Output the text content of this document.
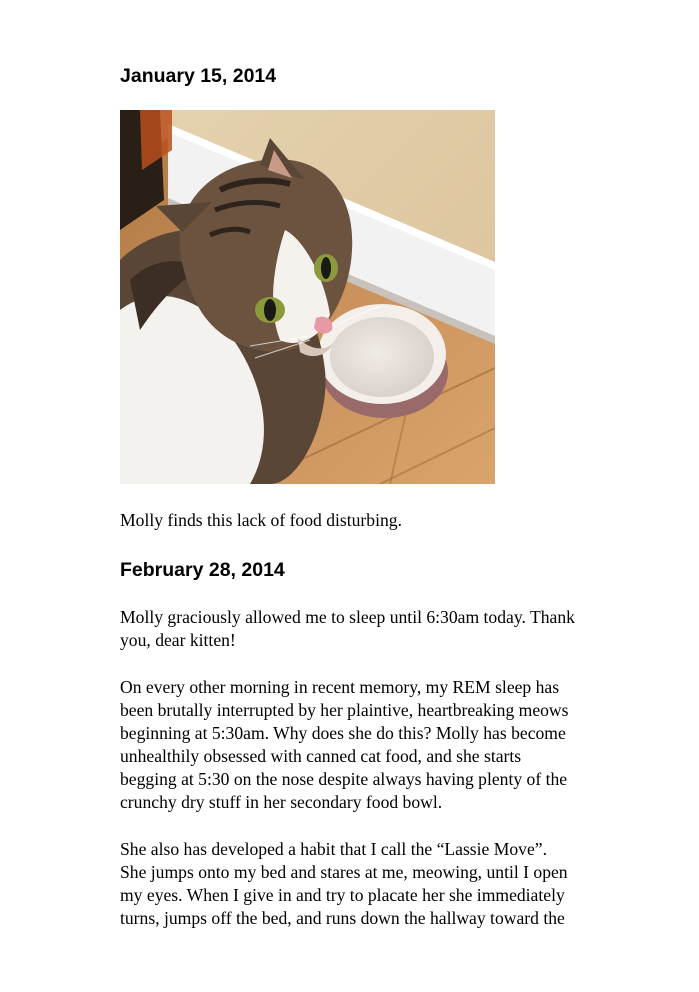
January 15, 2014

Molly finds this lack of food disturbing.

February 28, 2014

Molly graciously allowed me to sleep until 6:30am today. Thank
you, dear kitten!

On every other morning in recent memory, my REM sleep has
been brutally interrupted by her plaintive, heartbreaking meows
beginning at 5:30am. Why does she do this? Molly has become
unhealthily obsessed with canned cat food, and she starts
begging at 5:30 on the nose despite always having plenty of the
crunchy dry stuff in her secondary food bowl.

She also has developed a habit that I call the “Lassie Move”.
She jumps onto my bed and stares at me, meowing, until I open
my eyes. When I give in and try to placate her she immediately
turns, jumps off the bed, and runs down the hallway toward the
